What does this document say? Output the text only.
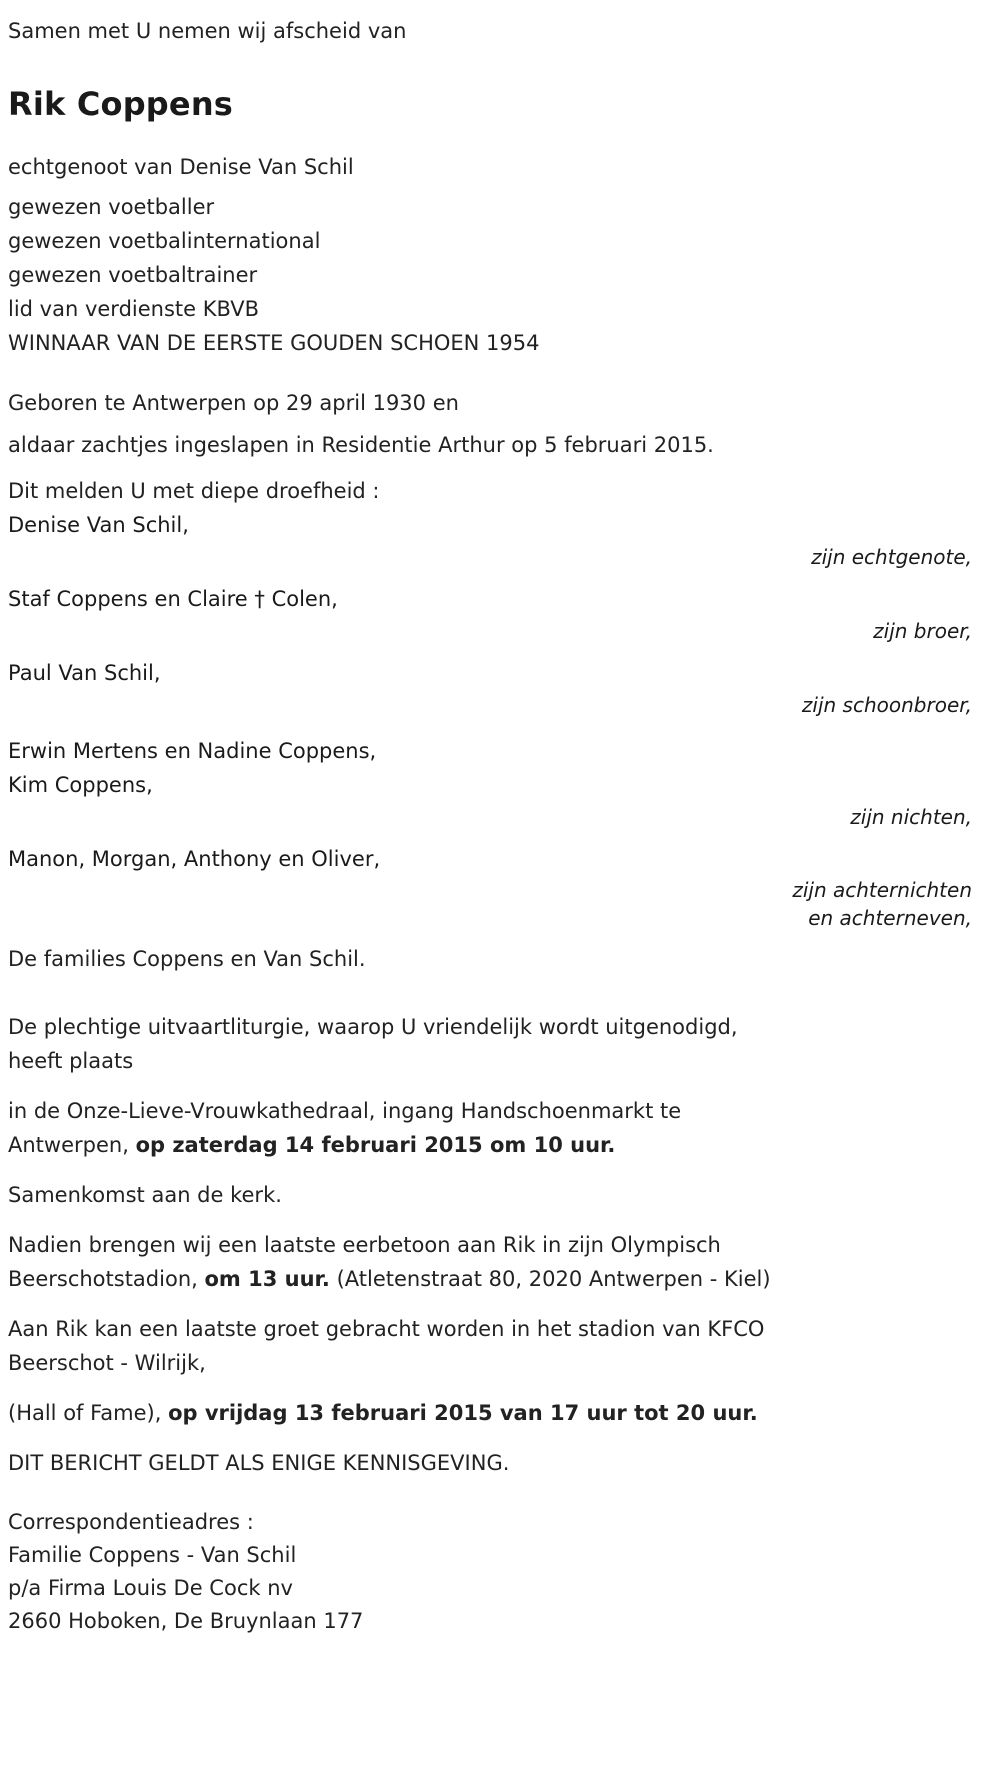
Samen met U nemen wij afscheid van
Rik Coppens
echtgenoot van Denise Van Schil
gewezen voetballer
gewezen voetbalinternational
gewezen voetbaltrainer
lid van verdienste KBVB
WINNAAR VAN DE EERSTE GOUDEN SCHOEN 1954
Geboren te Antwerpen op 29 april 1930 en
aldaar zachtjes ingeslapen in Residentie Arthur op 5 februari 2015.
Dit melden U met diepe droefheid :
Denise Van Schil,
zijn echtgenote,
Staf Coppens en Claire † Colen,
zijn broer,
Paul Van Schil,
zijn schoonbroer,
Erwin Mertens en Nadine Coppens,
Kim Coppens,
zijn nichten,
Manon, Morgan, Anthony en Oliver,
zijn achternichten
en achterneven,
De families Coppens en Van Schil.
De plechtige uitvaartliturgie, waarop U vriendelijk wordt uitgenodigd,
heeft plaats
in de Onze-Lieve-Vrouwkathedraal, ingang Handschoenmarkt te
Antwerpen, op zaterdag 14 februari 2015 om 10 uur.
Samenkomst aan de kerk.
Nadien brengen wij een laatste eerbetoon aan Rik in zijn Olympisch
Beerschotstadion, om 13 uur. (Atletenstraat 80, 2020 Antwerpen - Kiel)
Aan Rik kan een laatste groet gebracht worden in het stadion van KFCO
Beerschot - Wilrijk,
(Hall of Fame), op vrijdag 13 februari 2015 van 17 uur tot 20 uur.
DIT BERICHT GELDT ALS ENIGE KENNISGEVING.
Correspondentieadres :
Familie Coppens - Van Schil
p/a Firma Louis De Cock nv
2660 Hoboken, De Bruynlaan 177
